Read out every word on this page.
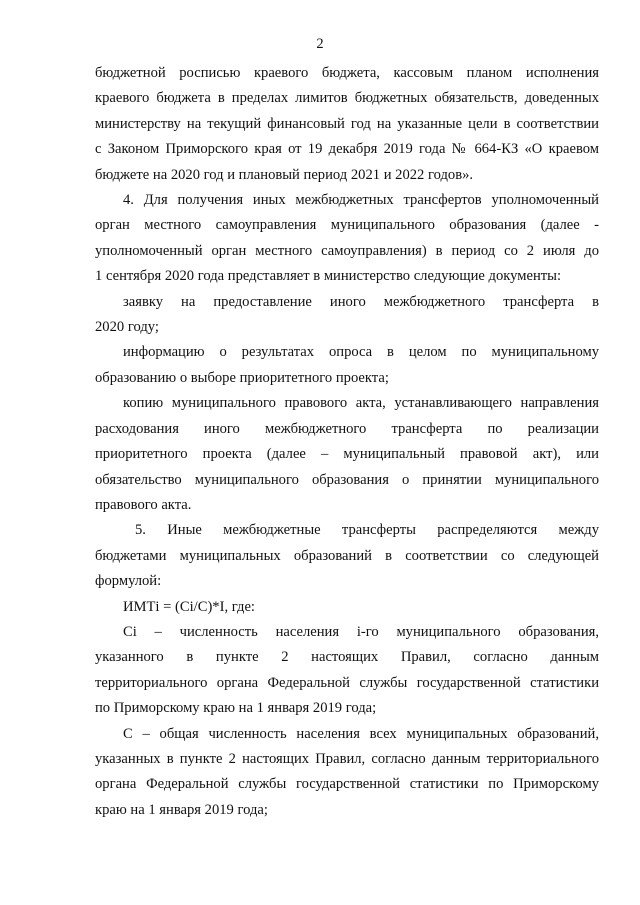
2

бюджетной росписью краевого бюджета, кассовым планом исполнения

краевого бюджета в пределах лимитов бюджетных обязательств, доведенных

министерству на текущий финансовый год на указанные цели в соответствии

с Законом Приморского края от 19 декабря 2019 года № 664-КЗ «О краевом

бюджете на 2020 год и плановый период 2021 и 2022 годов».

4. Для получения иных межбюджетных трансфертов уполномоченный

орган местного самоуправления муниципального образования (далее -

уполномоченный орган местного самоуправления) в период со 2 июля до

1 сентября 2020 года представляет в министерство следующие документы:

заявку на предоставление иного межбюджетного трансферта в

2020 году;

информацию о результатах опроса в целом по муниципальному

образованию о выборе приоритетного проекта;

копию муниципального правового акта, устанавливающего направления

расходования иного межбюджетного трансферта по реализации

приоритетного проекта (далее – муниципальный правовой акт), или

обязательство муниципального образования о принятии муниципального

правового акта.

5. Иные межбюджетные трансферты распределяются между

бюджетами муниципальных образований в соответствии со следующей

формулой:

ИМТi = (Ci/C)*I, где:

Ci – численность населения i-го муниципального образования,

указанного в пункте 2 настоящих Правил, согласно данным

территориального органа Федеральной службы государственной статистики

по Приморскому краю на 1 января 2019 года;

С – общая численность населения всех муниципальных образований,

указанных в пункте 2 настоящих Правил, согласно данным территориального

органа Федеральной службы государственной статистики по Приморскому

краю на 1 января 2019 года;
